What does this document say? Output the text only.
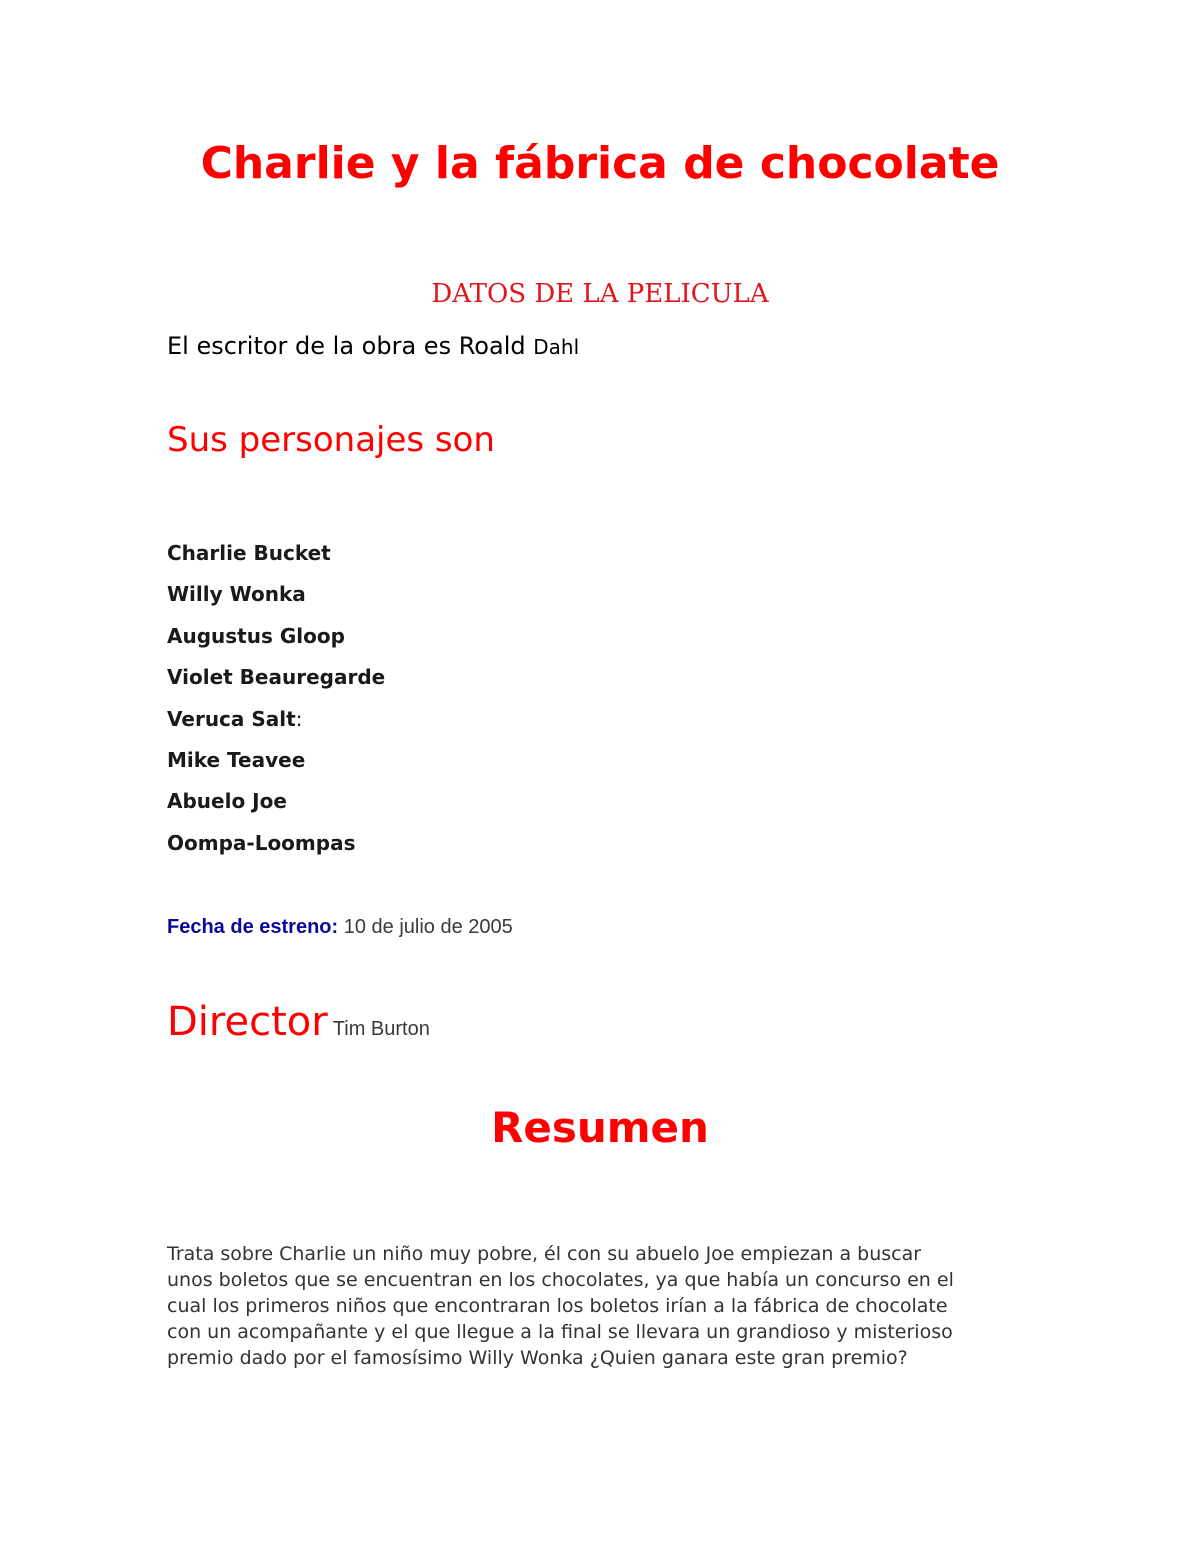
Charlie y la fábrica de chocolate

DATOS DE LA PELICULA

El escritor de la obra es Roald Dahl

Sus personajes son

Charlie Bucket
Willy Wonka
Augustus Gloop
Violet Beauregarde
Veruca Salt:
Mike Teavee
Abuelo Joe
Oompa-Loompas

Fecha de estreno: 10 de julio de 2005

Director Tim Burton

Resumen

Trata sobre Charlie un niño muy pobre, él con su abuelo Joe empiezan a buscar
unos boletos que se encuentran en los chocolates, ya que había un concurso en el
cual los primeros niños que encontraran los boletos irían a la fábrica de chocolate
con un acompañante y el que llegue a la final se llevara un grandioso y misterioso
premio dado por el famosísimo Willy Wonka ¿Quien ganara este gran premio?
